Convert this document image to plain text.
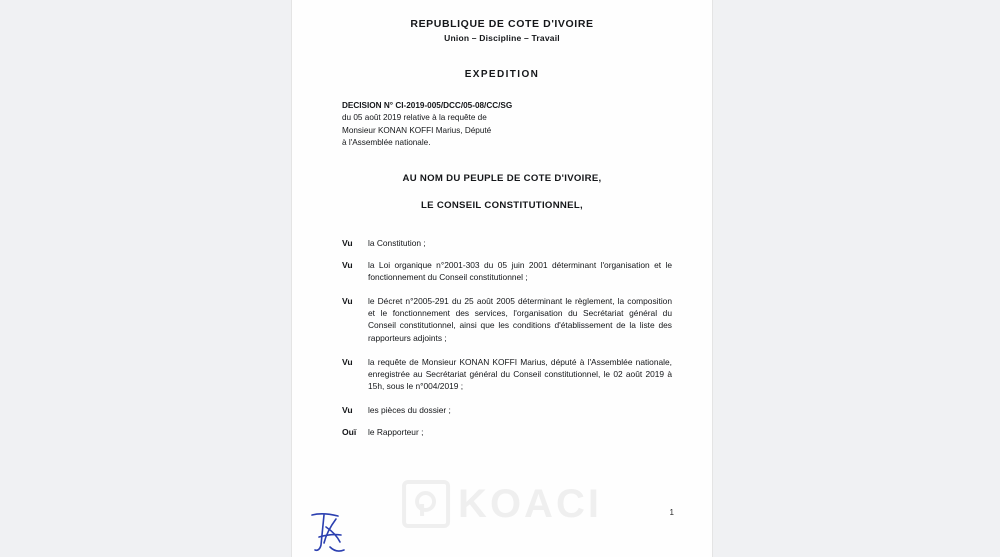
REPUBLIQUE DE COTE D'IVOIRE
Union – Discipline – Travail
EXPEDITION
DECISION N° CI-2019-005/DCC/05-08/CC/SG
du 05 août 2019 relative à la requête de
Monsieur KONAN KOFFI Marius, Député
à l'Assemblée nationale.
AU NOM DU PEUPLE DE COTE D'IVOIRE,
LE CONSEIL CONSTITUTIONNEL,
Vu	la Constitution ;
Vu	la Loi organique n°2001-303 du 05 juin 2001 déterminant l'organisation et le fonctionnement du Conseil constitutionnel ;
Vu	le Décret n°2005-291 du 25 août 2005 déterminant le règlement, la composition et le fonctionnement des services, l'organisation du Secrétariat général du Conseil constitutionnel, ainsi que les conditions d'établissement de la liste des rapporteurs adjoints ;
Vu	la requête de Monsieur KONAN KOFFI Marius, député à l'Assemblée nationale, enregistrée au Secrétariat général du Conseil constitutionnel, le 02 août 2019 à 15h, sous le n°004/2019 ;
Vu	les pièces du dossier ;
Ouï	le Rapporteur ;
KOACI	1
